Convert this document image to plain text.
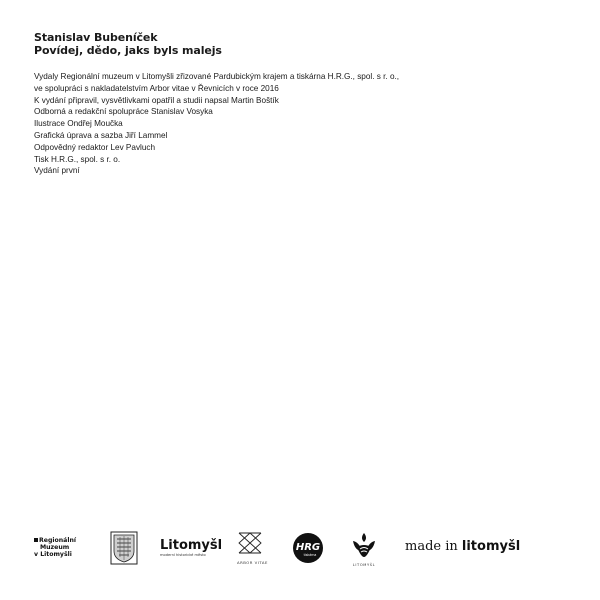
Stanislav Bubeníček
Povídej, dědo, jaks byls malejs
Vydaly Regionální muzeum v Litomyšli zřizované Pardubickým krajem a tiskárna H.R.G., spol. s r. o.,
ve spolupráci s nakladatelstvím Arbor vitae v Řevnicích v roce 2016
K vydání připravil, vysvětlivkami opatřil a studii napsal Martin Boštík
Odborná a redakční spolupráce Stanislav Vosyka
Ilustrace Ondřej Moučka
Grafická úprava a sazba Jiří Lammel
Odpovědný redaktor Lev Pavluch
Tisk H.R.G., spol. s r. o.
Vydání první
Regionální
Muzeum
v Litomyšli
Litomyšl
moderní historické město
ARBOR VITAE
HRG
tiskárna
LITOMYŠL
made in litomyšl
